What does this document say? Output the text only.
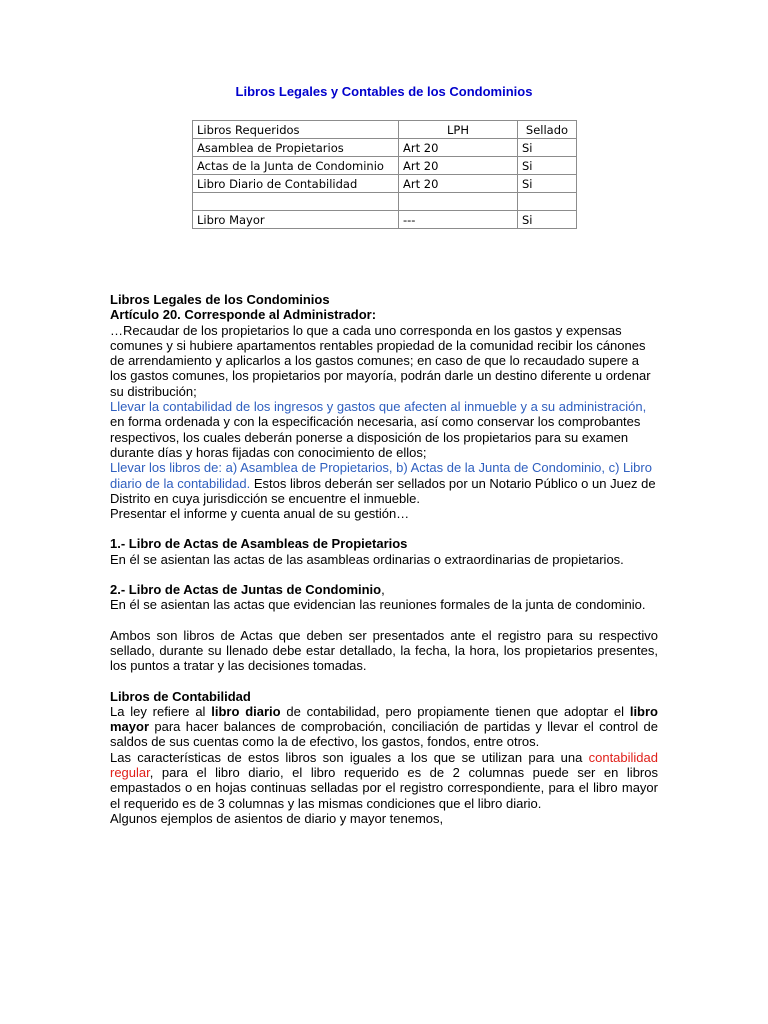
Libros Legales y Contables de los Condominios
Libros Requeridos	LPH	Sellado
Asamblea de Propietarios	Art 20	Si
Actas de la Junta de Condominio	Art 20	Si
Libro Diario de Contabilidad	Art 20	Si

Libro Mayor	---	Si

Libros Legales de los Condominios

Artículo 20. Corresponde al Administrador:

…Recaudar de los propietarios lo que a cada uno corresponda en los gastos y expensas comunes y si hubiere apartamentos rentables propiedad de la comunidad recibir los cánones de arrendamiento y aplicarlos a los gastos comunes; en caso de que lo recaudado supere a los gastos comunes, los propietarios por mayoría, podrán darle un destino diferente u ordenar su distribución;

Llevar la contabilidad de los ingresos y gastos que afecten al inmueble y a su administración, en forma ordenada y con la especificación necesaria, así como conservar los comprobantes respectivos, los cuales deberán ponerse a disposición de los propietarios para su examen durante días y horas fijadas con conocimiento de ellos;

Llevar los libros de: a) Asamblea de Propietarios, b) Actas de la Junta de Condominio, c) Libro diario de la contabilidad. Estos libros deberán ser sellados por un Notario Público o un Juez de Distrito en cuya jurisdicción se encuentre el inmueble.

Presentar el informe y cuenta anual de su gestión…

1.- Libro de Actas de Asambleas de Propietarios

En él se asientan las actas de las asambleas ordinarias o extraordinarias de propietarios.

2.- Libro de Actas de Juntas de Condominio,

En él se asientan las actas que evidencian las reuniones formales de la junta de condominio.

Ambos son libros de Actas que deben ser presentados ante el registro para su respectivo sellado, durante su llenado debe estar detallado, la fecha, la hora, los propietarios presentes, los puntos a tratar y las decisiones tomadas.

Libros de Contabilidad

La ley refiere al libro diario de contabilidad, pero propiamente tienen que adoptar el libro mayor para hacer balances de comprobación, conciliación de partidas y llevar el control de saldos de sus cuentas como la de efectivo, los gastos, fondos, entre otros.

Las características de estos libros son iguales a los que se utilizan para una contabilidad regular, para el libro diario, el libro requerido es de 2 columnas puede ser en libros empastados o en hojas continuas selladas por el registro correspondiente, para el libro mayor el requerido es de 3 columnas y las mismas condiciones que el libro diario.

Algunos ejemplos de asientos de diario y mayor tenemos,
